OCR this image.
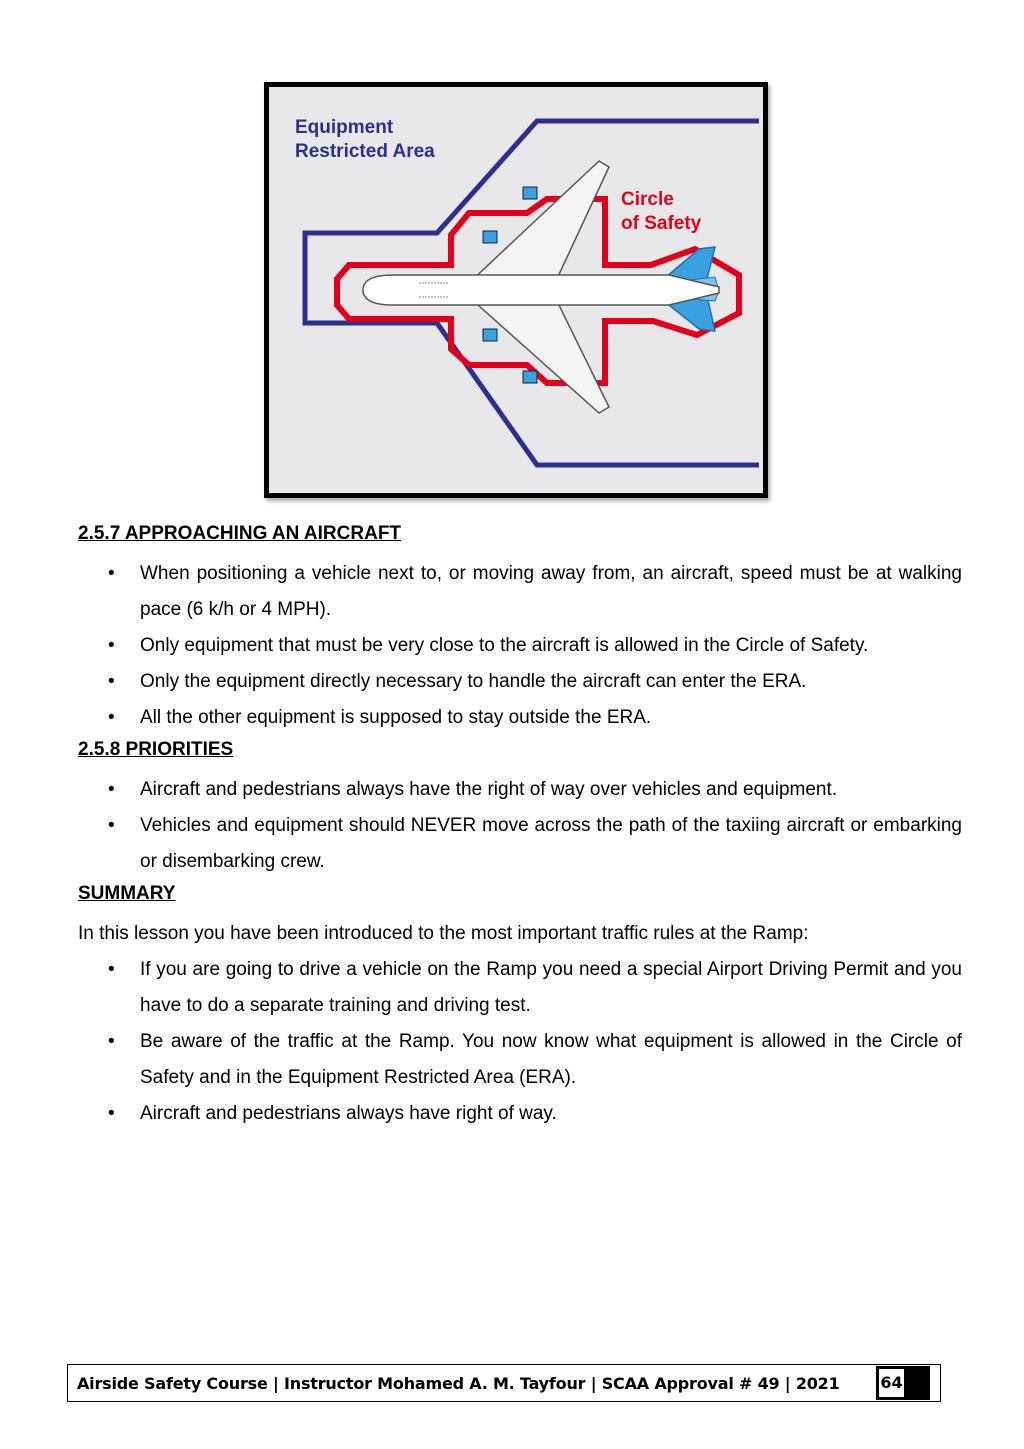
Equipment
Restricted Area
Circle
of Safety

2.5.7 APPROACHING AN AIRCRAFT

• When positioning a vehicle next to, or moving away from, an aircraft, speed must be at walking pace (6 k/h or 4 MPH).
• Only equipment that must be very close to the aircraft is allowed in the Circle of Safety.
• Only the equipment directly necessary to handle the aircraft can enter the ERA.
• All the other equipment is supposed to stay outside the ERA.

2.5.8 PRIORITIES

• Aircraft and pedestrians always have the right of way over vehicles and equipment.
• Vehicles and equipment should NEVER move across the path of the taxiing aircraft or embarking or disembarking crew.

SUMMARY

In this lesson you have been introduced to the most important traffic rules at the Ramp:

• If you are going to drive a vehicle on the Ramp you need a special Airport Driving Permit and you have to do a separate training and driving test.
• Be aware of the traffic at the Ramp. You now know what equipment is allowed in the Circle of Safety and in the Equipment Restricted Area (ERA).
• Aircraft and pedestrians always have right of way.
Airside Safety Course | Instructor Mohamed A. M. Tayfour | SCAA Approval # 49 | 2021	64
